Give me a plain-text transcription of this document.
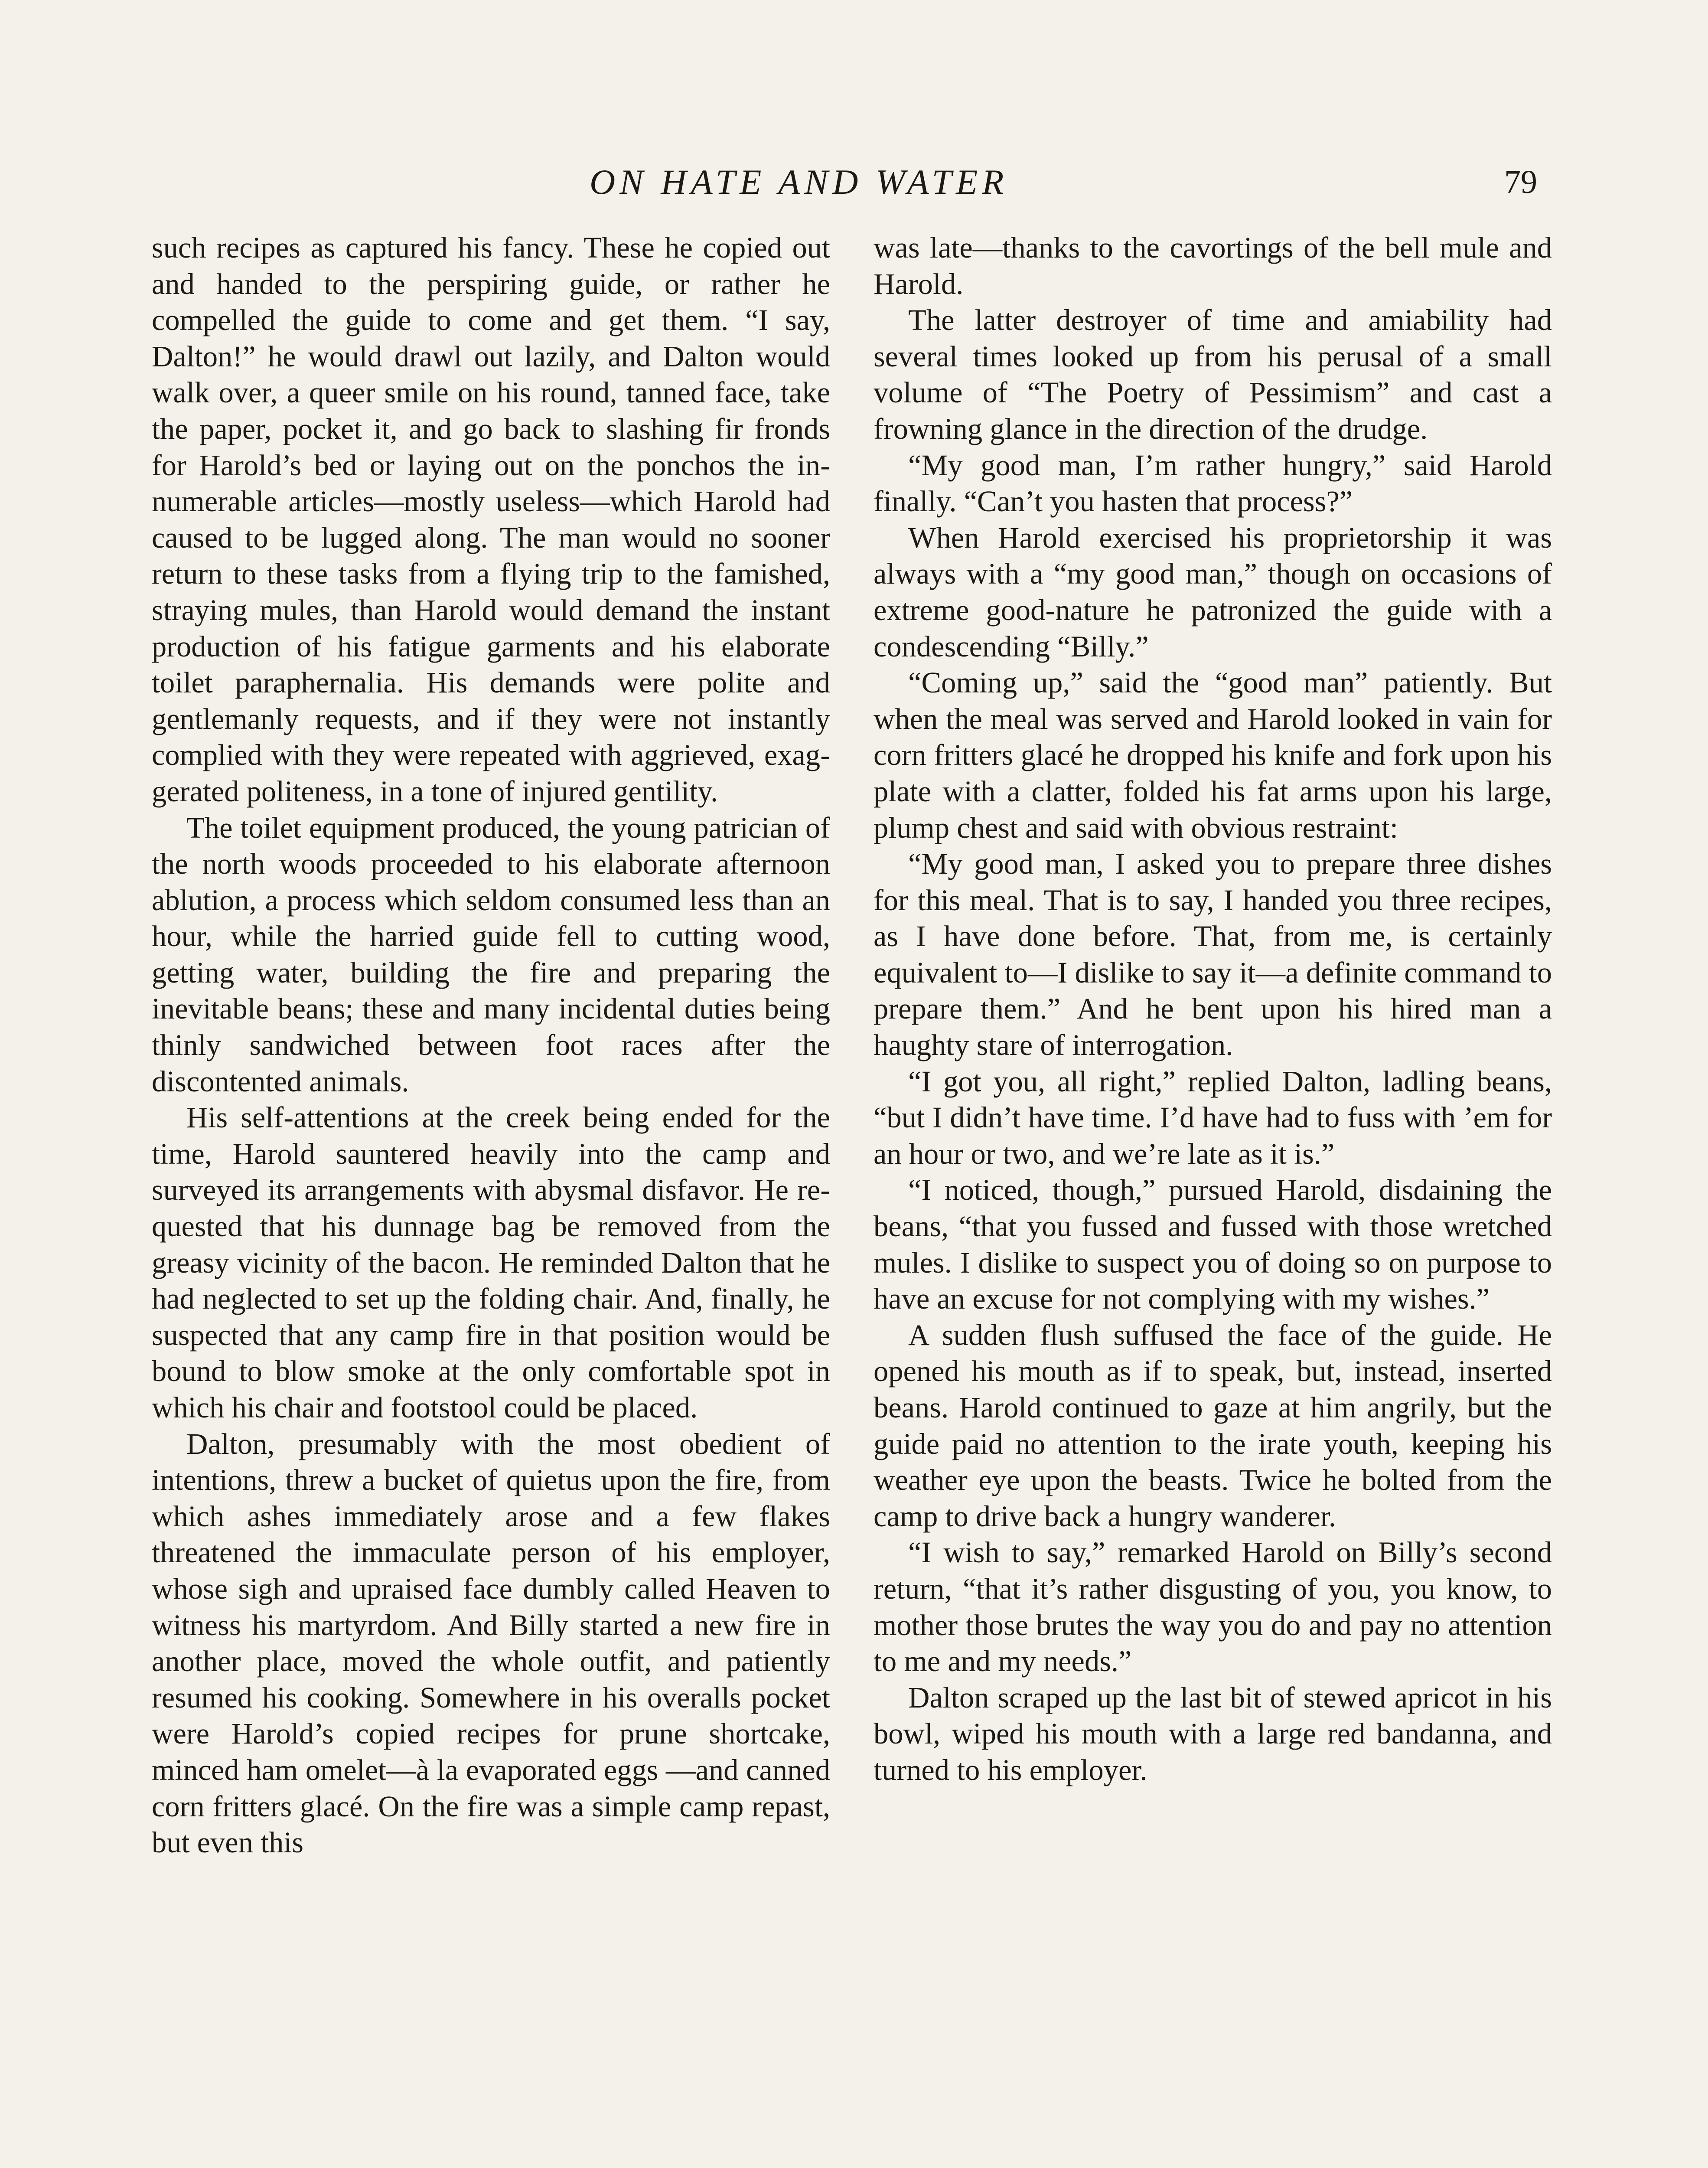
ON HATE AND WATER	79

such recipes as captured his fancy. These he copied out and handed to the perspiring guide, or rather he compelled the guide to come and get them. “I say, Dalton!” he would drawl out lazily, and Dalton would walk over, a queer smile on his round, tanned face, take the paper, pocket it, and go back to slashing fir fronds for Harold’s bed or laying out on the ponchos the innumerable articles—mostly useless—which Harold had caused to be lugged along. The man would no sooner return to these tasks from a flying trip to the famished, straying mules, than Harold would demand the instant production of his fatigue garments and his elaborate toilet paraphernalia. His demands were polite and gentlemanly requests, and if they were not instantly complied with they were repeated with aggrieved, exaggerated politeness, in a tone of injured gentility.

The toilet equipment produced, the young patrician of the north woods proceeded to his elaborate afternoon ablution, a process which seldom consumed less than an hour, while the harried guide fell to cutting wood, getting water, building the fire and preparing the inevitable beans; these and many incidental duties being thinly sandwiched between foot races after the discontented animals.

His self-attentions at the creek being ended for the time, Harold sauntered heavily into the camp and surveyed its arrangements with abysmal disfavor. He requested that his dunnage bag be removed from the greasy vicinity of the bacon. He reminded Dalton that he had neglected to set up the folding chair. And, finally, he suspected that any camp fire in that position would be bound to blow smoke at the only comfortable spot in which his chair and footstool could be placed.

Dalton, presumably with the most obedient of intentions, threw a bucket of quietus upon the fire, from which ashes immediately arose and a few flakes threatened the immaculate person of his employer, whose sigh and upraised face dumbly called Heaven to witness his martyrdom. And Billy started a new fire in another place, moved the whole outfit, and patiently resumed his cooking. Somewhere in his overalls pocket were Harold’s copied recipes for prune shortcake, minced ham omelet—à la evaporated eggs —and canned corn fritters glacé. On the fire was a simple camp repast, but even this

was late—thanks to the cavortings of the bell mule and Harold.

The latter destroyer of time and amiability had several times looked up from his perusal of a small volume of “The Poetry of Pessimism” and cast a frowning glance in the direction of the drudge.

“My good man, I’m rather hungry,” said Harold finally. “Can’t you hasten that process?”

When Harold exercised his proprietorship it was always with a “my good man,” though on occasions of extreme good-nature he patronized the guide with a condescending “Billy.”

“Coming up,” said the “good man” patiently. But when the meal was served and Harold looked in vain for corn fritters glacé he dropped his knife and fork upon his plate with a clatter, folded his fat arms upon his large, plump chest and said with obvious restraint:

“My good man, I asked you to prepare three dishes for this meal. That is to say, I handed you three recipes, as I have done before. That, from me, is certainly equivalent to—I dislike to say it—a definite command to prepare them.” And he bent upon his hired man a haughty stare of interrogation.

“I got you, all right,” replied Dalton, ladling beans, “but I didn’t have time. I’d have had to fuss with ’em for an hour or two, and we’re late as it is.”

“I noticed, though,” pursued Harold, disdaining the beans, “that you fussed and fussed with those wretched mules. I dislike to suspect you of doing so on purpose to have an excuse for not complying with my wishes.”

A sudden flush suffused the face of the guide. He opened his mouth as if to speak, but, instead, inserted beans. Harold continued to gaze at him angrily, but the guide paid no attention to the irate youth, keeping his weather eye upon the beasts. Twice he bolted from the camp to drive back a hungry wanderer.

“I wish to say,” remarked Harold on Billy’s second return, “that it’s rather disgusting of you, you know, to mother those brutes the way you do and pay no attention to me and my needs.”

Dalton scraped up the last bit of stewed apricot in his bowl, wiped his mouth with a large red bandanna, and turned to his employer.
